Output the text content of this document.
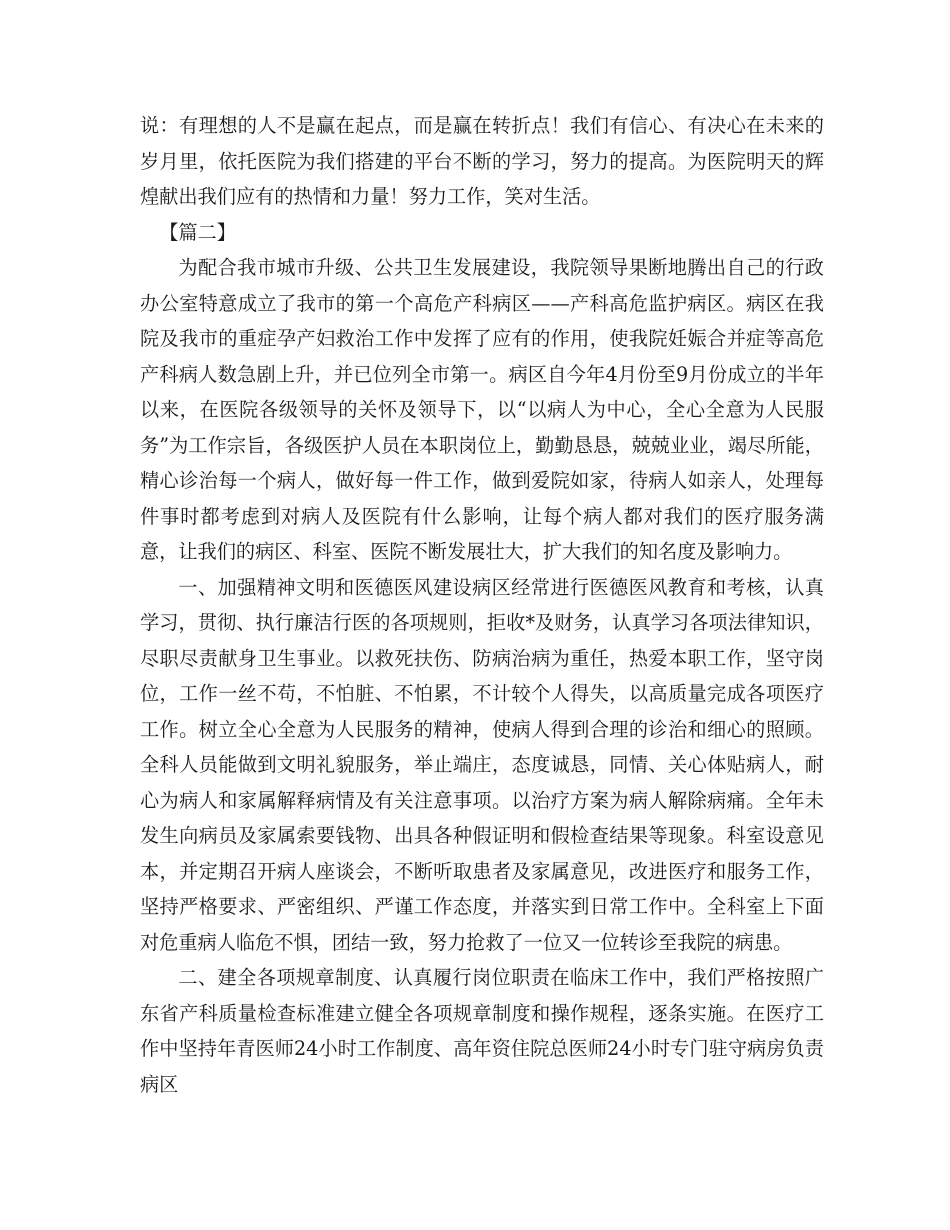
说：有理想的人不是赢在起点，而是赢在转折点！我们有信心、有决心在未来的岁月里，依托医院为我们搭建的平台不断的学习，努力的提高。为医院明天的辉煌献出我们应有的热情和力量！努力工作，笑对生活。

【篇二】

为配合我市城市升级、公共卫生发展建设，我院领导果断地腾出自己的行政办公室特意成立了我市的第一个高危产科病区——产科高危监护病区。病区在我院及我市的重症孕产妇救治工作中发挥了应有的作用，使我院妊娠合并症等高危产科病人数急剧上升，并已位列全市第一。病区自今年4月份至9月份成立的半年以来，在医院各级领导的关怀及领导下，以“以病人为中心，全心全意为人民服务”为工作宗旨，各级医护人员在本职岗位上，勤勤恳恳，兢兢业业，竭尽所能，精心诊治每一个病人，做好每一件工作，做到爱院如家，待病人如亲人，处理每件事时都考虑到对病人及医院有什么影响，让每个病人都对我们的医疗服务满意，让我们的病区、科室、医院不断发展壮大，扩大我们的知名度及影响力。

一、加强精神文明和医德医风建设病区经常进行医德医风教育和考核，认真学习，贯彻、执行廉洁行医的各项规则，拒收*及财务，认真学习各项法律知识，尽职尽责献身卫生事业。以救死扶伤、防病治病为重任，热爱本职工作，坚守岗位，工作一丝不苟，不怕脏、不怕累，不计较个人得失，以高质量完成各项医疗工作。树立全心全意为人民服务的精神，使病人得到合理的诊治和细心的照顾。全科人员能做到文明礼貌服务，举止端庄，态度诚恳，同情、关心体贴病人，耐心为病人和家属解释病情及有关注意事项。以治疗方案为病人解除病痛。全年未发生向病员及家属索要钱物、出具各种假证明和假检查结果等现象。科室设意见本，并定期召开病人座谈会，不断听取患者及家属意见，改进医疗和服务工作，坚持严格要求、严密组织、严谨工作态度，并落实到日常工作中。全科室上下面对危重病人临危不惧，团结一致，努力抢救了一位又一位转诊至我院的病患。

二、建全各项规章制度、认真履行岗位职责在临床工作中，我们严格按照广东省产科质量检查标准建立健全各项规章制度和操作规程，逐条实施。在医疗工作中坚持年青医师24小时工作制度、高年资住院总医师24小时专门驻守病房负责病区
